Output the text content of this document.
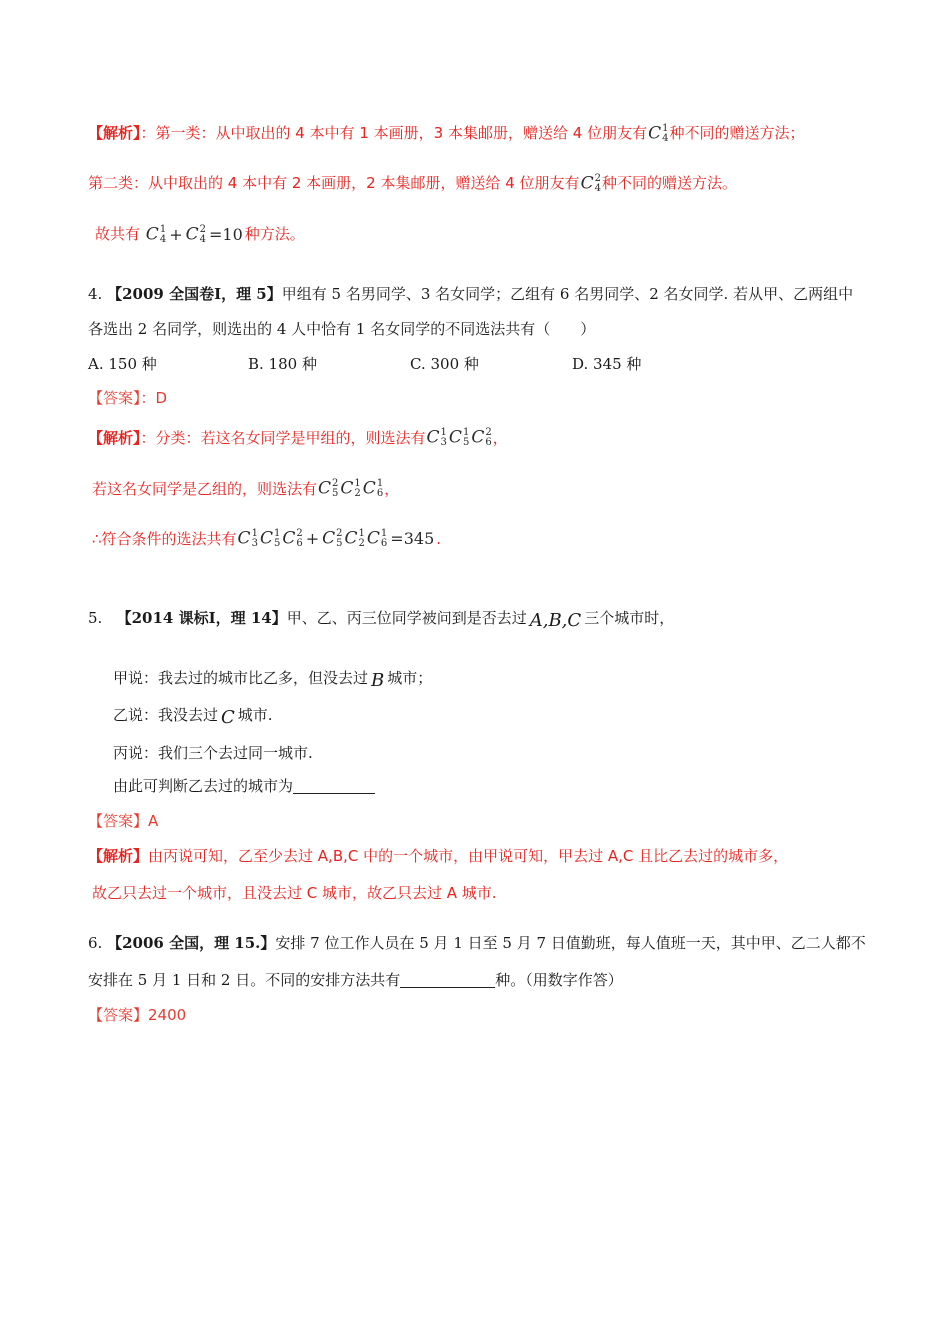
【解析】：第一类：从中取出的 4 本中有 1 本画册，3 本集邮册，赠送给 4 位朋友有C 1
4 种不同的赠送方法；
第二类：从中取出的 4 本中有 2 本画册，2 本集邮册，赠送给 4 位朋友有C 2
4 种不同的赠送方法。
故共有 C 1
4 + C 2
4 =10 种方法。
4. 【2009 全国卷Ⅰ，理 5】甲组有 5 名男同学、3 名女同学；乙组有 6 名男同学、2 名女同学. 若从甲、乙两组中
各选出 2 名同学，则选出的 4 人中恰有 1 名女同学的不同选法共有（　　）
A. 150 种	B. 180 种	C. 300 种	D. 345 种
【答案】：D
【解析】：分类：若这名女同学是甲组的，则选法有C 1
3 C 1
5 C 2
6 ，
若这名女同学是乙组的，则选法有C 2
5 C 1
2 C 1
6 ，
∴符合条件的选法共有C 1
3 C 1
5 C 2
6 + C 2
5 C 1
2 C 1
6 =345 .
5. 【2014 课标Ⅰ，理 14】甲、乙、丙三位同学被问到是否去过 A,B,C 三个城市时，
甲说：我去过的城市比乙多，但没去过 B 城市；
乙说：我没去过 C 城市.
丙说：我们三个去过同一城市.
由此可判断乙去过的城市为
【答案】A
【解析】由丙说可知，乙至少去过 A,B,C 中的一个城市，由甲说可知，甲去过 A,C 且比乙去过的城市多，
故乙只去过一个城市，且没去过 C 城市，故乙只去过 A 城市.
6. 【2006 全国，理 15.】安排 7 位工作人员在 5 月 1 日至 5 月 7 日值勤班，每人值班一天，其中甲、乙二人都不
安排在 5 月 1 日和 2 日。不同的安排方法共有	种。（用数字作答）
【答案】2400
